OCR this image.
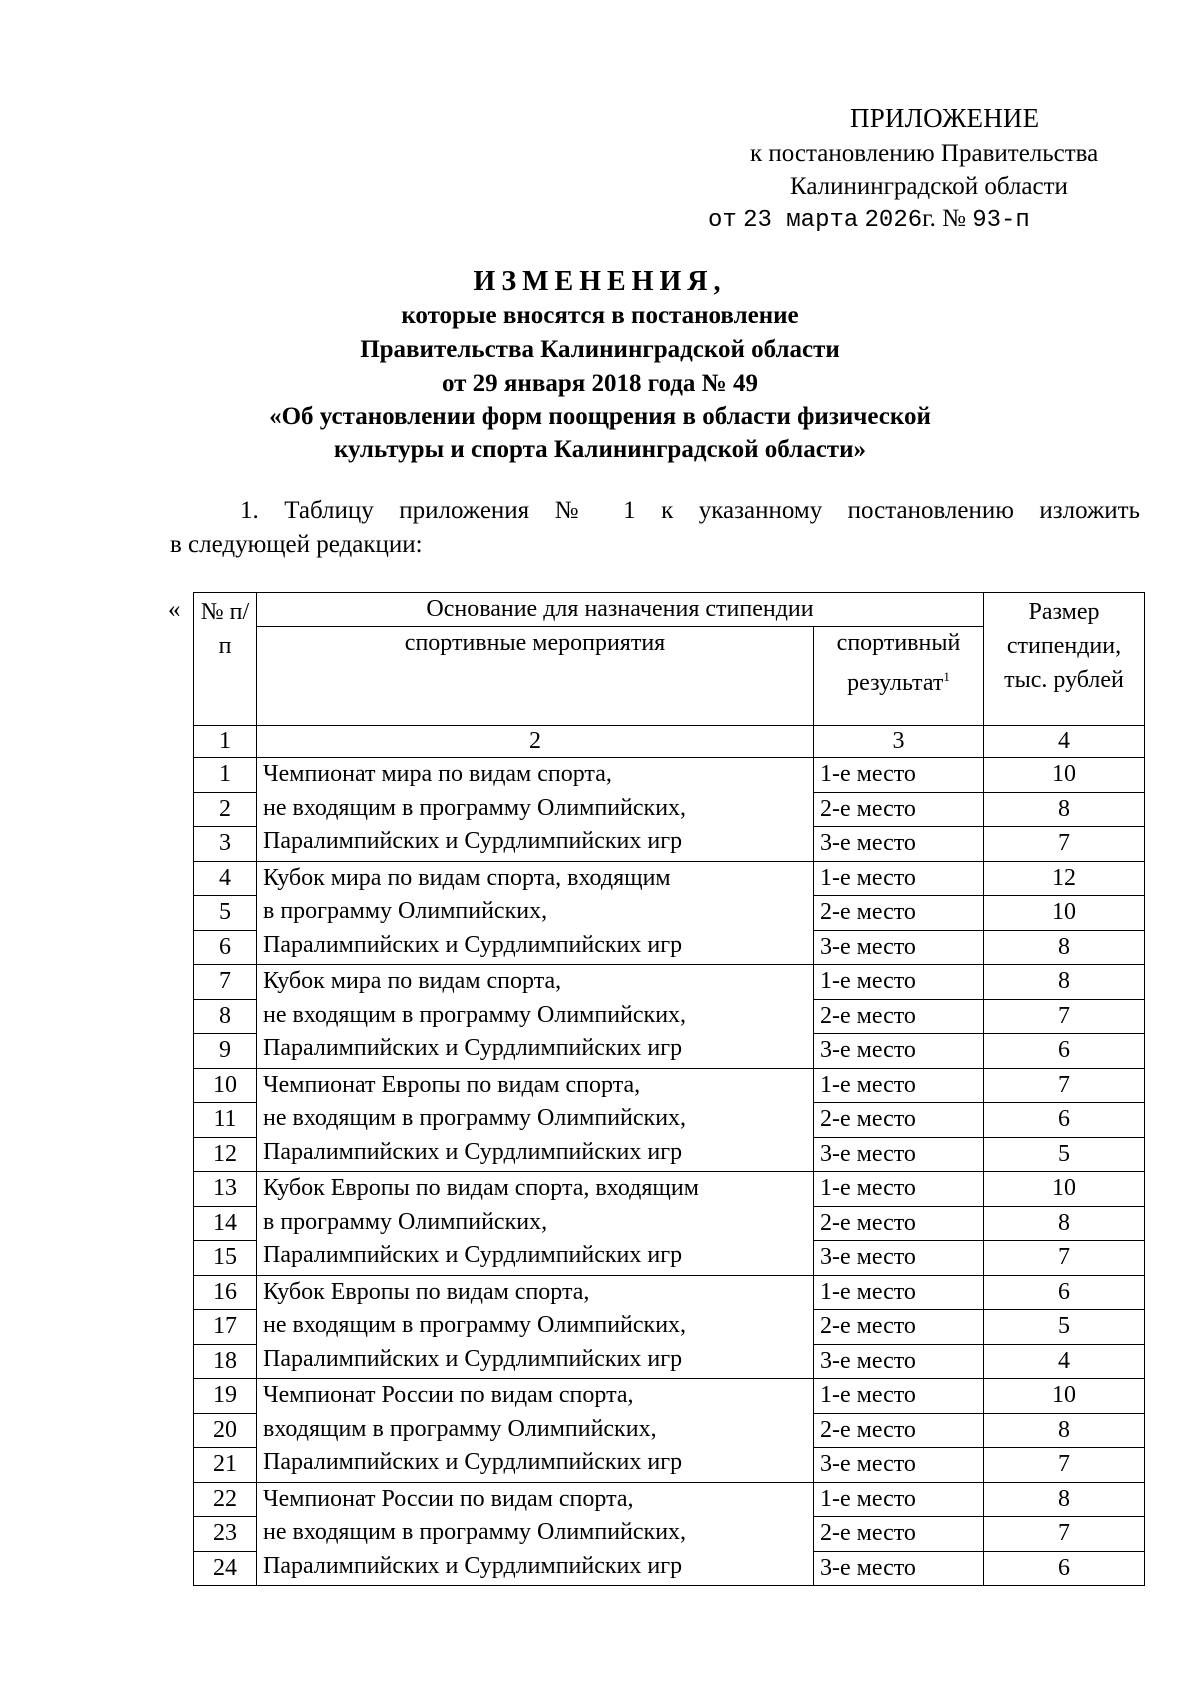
ПРИЛОЖЕНИЕ
к постановлению Правительства
Калининградской области
от 23 марта 2026г. № 93-п
ИЗМЕНЕНИЯ,
которые вносятся в постановление
Правительства Калининградской области
от 29 января 2018 года № 49
«Об установлении форм поощрения в области физической
культуры и спорта Калининградской области»
1. Таблицу приложения № 1 к указанному постановлению изложить
в следующей редакции:
« № п/п	Основание для назначения стипендии		Размер стипендии, тыс. рублей
	спортивные мероприятия	спортивный результат$^1$
1	2	3	4
1	Чемпионат мира по видам спорта,
не входящим в программу Олимпийских,
Паралимпийских и Сурдлимпийских игр	1-е место	10
2		2-е место	8
3		3-е место	7
4	Кубок мира по видам спорта, входящим
в программу Олимпийских,
Паралимпийских и Сурдлимпийских игр	1-е место	12
5		2-е место	10
6		3-е место	8
7	Кубок мира по видам спорта,
не входящим в программу Олимпийских,
Паралимпийских и Сурдлимпийских игр	1-е место	8
8		2-е место	7
9		3-е место	6
10	Чемпионат Европы по видам спорта,
не входящим в программу Олимпийских,
Паралимпийских и Сурдлимпийских игр	1-е место	7
11		2-е место	6
12		3-е место	5
13	Кубок Европы по видам спорта, входящим
в программу Олимпийских,
Паралимпийских и Сурдлимпийских игр	1-е место	10
14		2-е место	8
15		3-е место	7
16	Кубок Европы по видам спорта,
не входящим в программу Олимпийских,
Паралимпийских и Сурдлимпийских игр	1-е место	6
17		2-е место	5
18		3-е место	4
19	Чемпионат России по видам спорта,
входящим в программу Олимпийских,
Паралимпийских и Сурдлимпийских игр	1-е место	10
20		2-е место	8
21		3-е место	7
22	Чемпионат России по видам спорта,
не входящим в программу Олимпийских,
Паралимпийских и Сурдлимпийских игр	1-е место	8
23		2-е место	7
24		3-е место	6
